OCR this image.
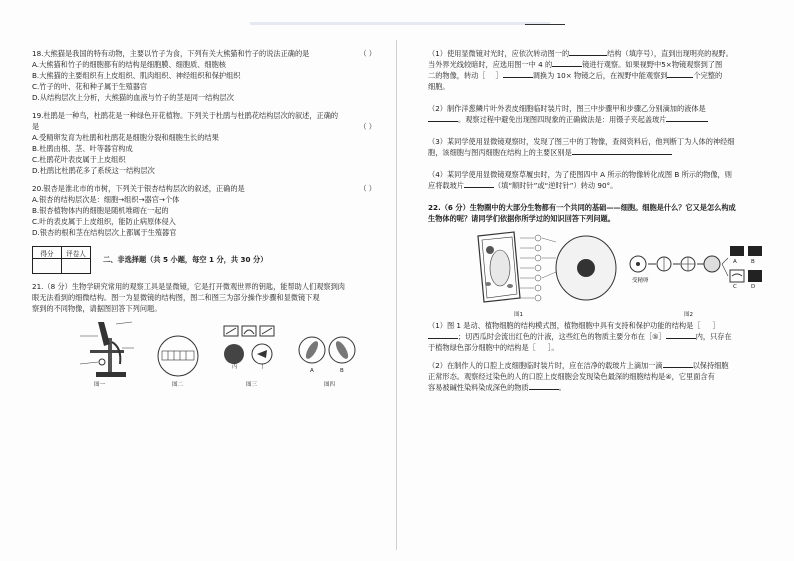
18.大熊猫是我国的特有动物，主要以竹子为食，下列有关大熊猫和竹子的说法正确的是	（ ）

A.大熊猫和竹子的细胞都有的结构是细胞膜、细胞质、细胞核

B.大熊猫的主要组织有上皮组织、肌肉组织、神经组织和保护组织

C.竹子的叶、花和种子属于生殖器官

D.从结构层次上分析，大熊猫的血液与竹子的茎是同一结构层次

19.杜鹃是一种鸟，杜鹃花是一种绿色开花植物。下列关于杜鹃与杜鹃花结构层次的叙述，正确的

是	（ ）

A.受精卵发育为杜鹃和杜鹃花是细胞分裂和细胞生长的结果

B.杜鹃由根、茎、叶等器官构成

C.杜鹃花叶表皮属于上皮组织

D.杜鹃比杜鹃花多了系统这一结构层次

20.银杏是淮北市的市树，下列关于银杏结构层次的叙述，正确的是	（ ）

A.银杏的结构层次是：细胞→组织→器官→个体

B.银杏植物体内的细胞是随机堆砌在一起的

C.叶的表皮属于上皮组织，能防止病原体侵入

D.银杏的根和茎在结构层次上都属于生殖器官

得分	评卷人

二、非选择题（共 5 小题，每空 1 分，共 30 分）

21.（8 分）生物学研究常用的观察工具是显微镜，它是打开微观世界的钥匙，能帮助人们观察到肉

眼无法看到的细微结构。图一为显微镜的结构图，图二和图三为部分操作步骤和显微镜下观

察到的不同物像，请据图回答下列问题。

图一	图二
丙	丁
图三
A	B
图四

（1）使用显微镜对光时，应依次转动图一的	结构（填序号），直到出现明亮的视野。

当外界光线较暗时，应选用图一中 4 的	镜进行观察。如果视野中5×物镜观察到了图

二的物像，转动［ ］	调换为 10× 物镜之后，在视野中能观察到	个完整的

细胞。

（2）制作洋葱鳞片叶外表皮细胞临时装片时，图三中步骤甲和步骤乙分别滴加的液体是

。观察过程中避免出现图四现象的正确做法是：用镊子夹起盖玻片

（3）某同学使用显微镜观察时，发现了图三中的丁物像，查阅资料后，他判断丁为人体的神经细

胞，该细胞与图丙细胞在结构上的主要区别是

（4）某同学使用显微镜观察草履虫时，为了使图四中 A 所示的物像转化成图 B 所示的物像，则

应将载玻片	（填“顺时针”或“逆时针”）转动 90°。

22.（6 分）生物圈中的大部分生物都有一个共同的基础——细胞。细胞是什么？它又是怎么构成

生物体的呢？请同学们依据你所学过的知识回答下列问题。

图1
受精卵
A	B
C	D
图2

（1）图 1 是动、植物细胞的结构模式图，植物细胞中具有支持和保护功能的结构是［ ］

；切西瓜时会流出红色的汁液，这些红色的物质主要分布在［⑤］	内，只存在

于植物绿色部分细胞中的结构是［ ］。

（2）在制作人的口腔上皮细胞临时装片时，应在洁净的载玻片上滴加一滴	以保持细胞

正常形态。观察经过染色的人的口腔上皮细胞会发现染色最深的细胞结构是④，它里面含有

容易被碱性染料染成深色的物质	。
